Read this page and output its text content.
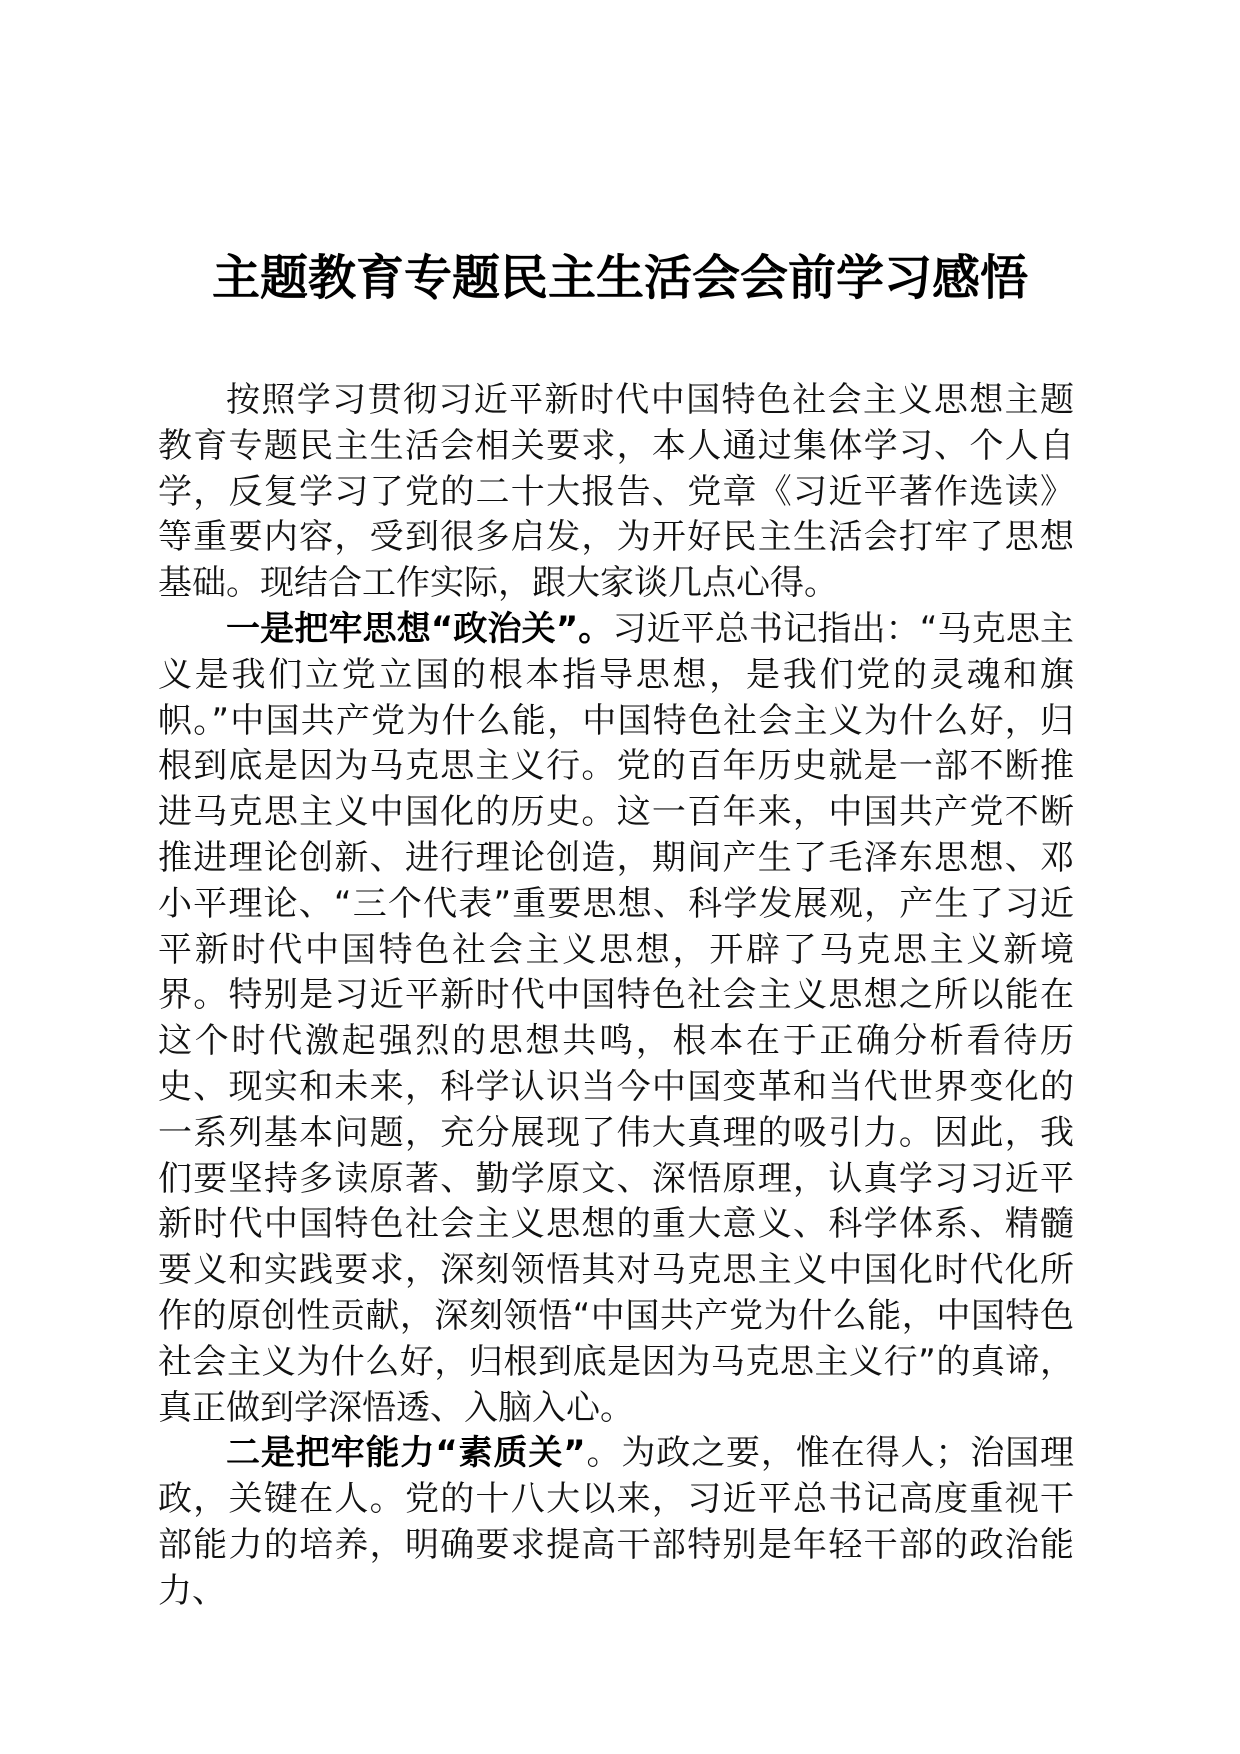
主题教育专题民主生活会会前学习感悟

按照学习贯彻习近平新时代中国特色社会主义思想主题教育专题民主生活会相关要求，本人通过集体学习、个人自学，反复学习了党的二十大报告、党章《习近平著作选读》等重要内容，受到很多启发，为开好民主生活会打牢了思想基础。现结合工作实际，跟大家谈几点心得。

一是把牢思想“政治关”。习近平总书记指出：“马克思主义是我们立党立国的根本指导思想，是我们党的灵魂和旗帜。”中国共产党为什么能，中国特色社会主义为什么好，归根到底是因为马克思主义行。党的百年历史就是一部不断推进马克思主义中国化的历史。这一百年来，中国共产党不断推进理论创新、进行理论创造，期间产生了毛泽东思想、邓小平理论、“三个代表”重要思想、科学发展观，产生了习近平新时代中国特色社会主义思想，开辟了马克思主义新境界。特别是习近平新时代中国特色社会主义思想之所以能在这个时代激起强烈的思想共鸣，根本在于正确分析看待历史、现实和未来，科学认识当今中国变革和当代世界变化的一系列基本问题，充分展现了伟大真理的吸引力。因此，我们要坚持多读原著、勤学原文、深悟原理，认真学习习近平新时代中国特色社会主义思想的重大意义、科学体系、精髓要义和实践要求，深刻领悟其对马克思主义中国化时代化所作的原创性贡献，深刻领悟“中国共产党为什么能，中国特色社会主义为什么好，归根到底是因为马克思主义行”的真谛，真正做到学深悟透、入脑入心。

二是把牢能力“素质关”。为政之要，惟在得人；治国理政，关键在人。党的十八大以来，习近平总书记高度重视干部能力的培养，明确要求提高干部特别是年轻干部的政治能力、
